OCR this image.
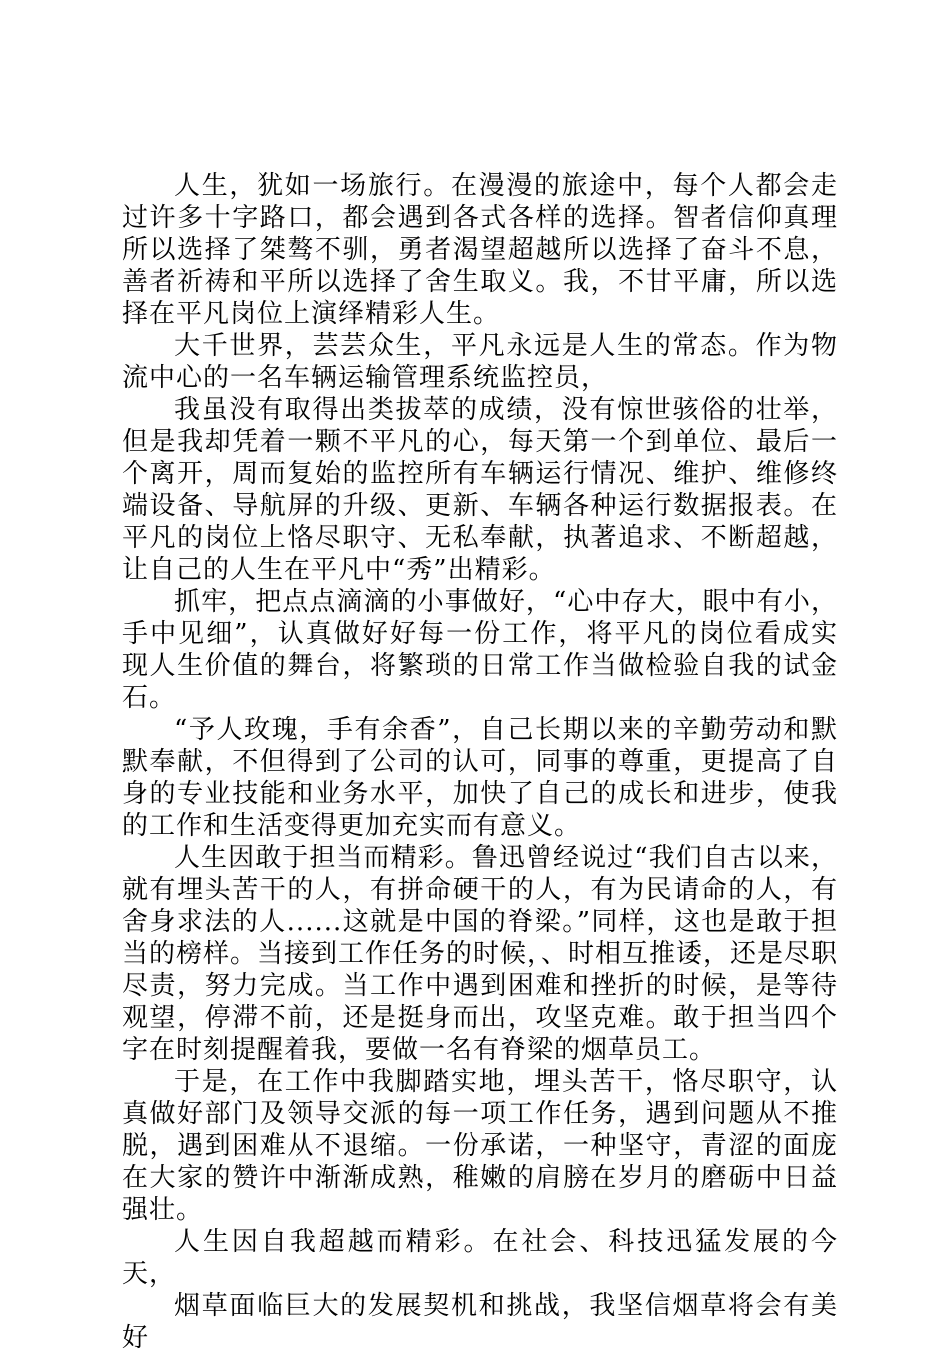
人生，犹如一场旅行。在漫漫的旅途中，每个人都会走过许多十字路口，都会遇到各式各样的选择。智者信仰真理所以选择了桀骜不驯，勇者渴望超越所以选择了奋斗不息，善者祈祷和平所以选择了舍生取义。我，不甘平庸，所以选择在平凡岗位上演绎精彩人生。

大千世界，芸芸众生，平凡永远是人生的常态。作为物流中心的一名车辆运输管理系统监控员，

我虽没有取得出类拔萃的成绩，没有惊世骇俗的壮举，但是我却凭着一颗不平凡的心，每天第一个到单位、最后一个离开，周而复始的监控所有车辆运行情况、维护、维修终端设备、导航屏的升级、更新、车辆各种运行数据报表。在平凡的岗位上恪尽职守、无私奉献，执著追求、不断超越，让自己的人生在平凡中“秀”出精彩。

抓牢，把点点滴滴的小事做好，“心中存大，眼中有小，手中见细”，认真做好好每一份工作，将平凡的岗位看成实现人生价值的舞台，将繁琐的日常工作当做检验自我的试金石。

“予人玫瑰，手有余香”，自己长期以来的辛勤劳动和默默奉献，不但得到了公司的认可，同事的尊重，更提高了自身的专业技能和业务水平，加快了自己的成长和进步，使我的工作和生活变得更加充实而有意义。

人生因敢于担当而精彩。鲁迅曾经说过“我们自古以来，就有埋头苦干的人，有拼命硬干的人，有为民请命的人，有舍身求法的人......这就是中国的脊梁。”同样，这也是敢于担当的榜样。当接到工作任务的时候，、时相互推诿，还是尽职尽责，努力完成。当工作中遇到困难和挫折的时候，是等待观望，停滞不前，还是挺身而出，攻坚克难。敢于担当四个字在时刻提醒着我，要做一名有脊梁的烟草员工。

于是，在工作中我脚踏实地，埋头苦干，恪尽职守，认真做好部门及领导交派的每一项工作任务，遇到问题从不推脱，遇到困难从不退缩。一份承诺，一种坚守，青涩的面庞在大家的赞许中渐渐成熟，稚嫩的肩膀在岁月的磨砺中日益强壮。

人生因自我超越而精彩。在社会、科技迅猛发展的今天，

烟草面临巨大的发展契机和挑战，我坚信烟草将会有美好
